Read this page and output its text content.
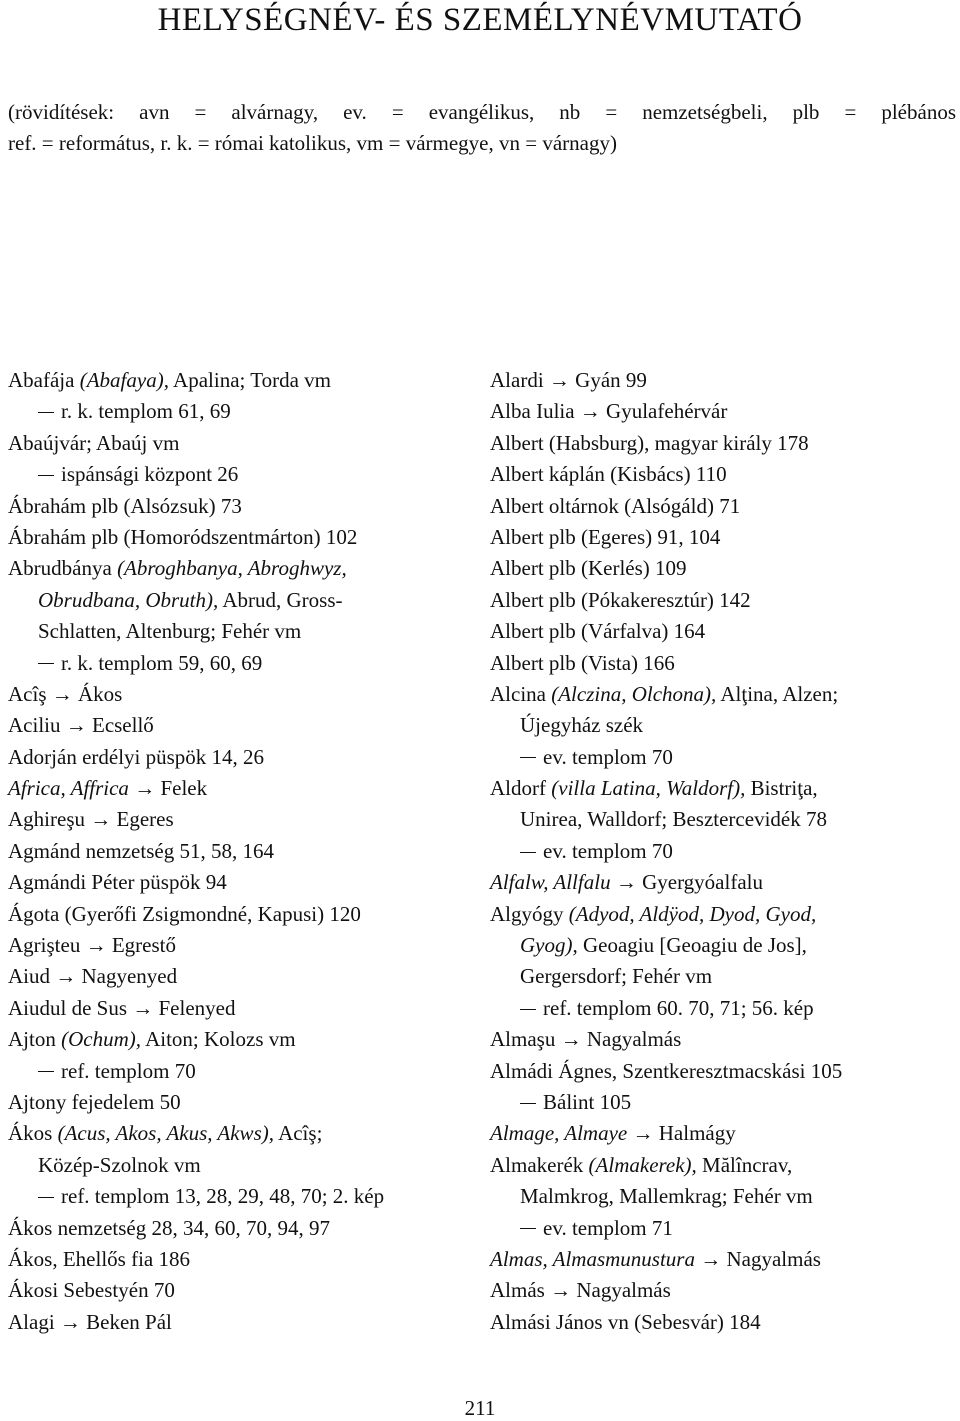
HELYSÉGNÉV- ÉS SZEMÉLYNÉVMUTATÓ
(rövidítések: avn = alvárnagy, ev. = evangélikus, nb = nemzetségbeli, plb = plébános
ref. = református, r. k. = római katolikus, vm = vármegye, vn = várnagy)
Abafája (Abafaya), Apalina; Torda vm
r. k. templom 61, 69
Abaújvár; Abaúj vm
ispánsági központ 26
Ábrahám plb (Alsózsuk) 73
Ábrahám plb (Homoródszentmárton) 102
Abrudbánya (Abroghbanya, Abroghwyz,
Obrudbana, Obruth), Abrud, Gross-
Schlatten, Altenburg; Fehér vm
r. k. templom 59, 60, 69
Acîş → Ákos
Aciliu → Ecsellő
Adorján erdélyi püspök 14, 26
Africa, Affrica → Felek
Aghireşu → Egeres
Agmánd nemzetség 51, 58, 164
Agmándi Péter püspök 94
Ágota (Gyerőfi Zsigmondné, Kapusi) 120
Agrişteu → Egrestő
Aiud → Nagyenyed
Aiudul de Sus → Felenyed
Ajton (Ochum), Aiton; Kolozs vm
ref. templom 70
Ajtony fejedelem 50
Ákos (Acus, Akos, Akus, Akws), Acîş;
Közép-Szolnok vm
ref. templom 13, 28, 29, 48, 70; 2. kép
Ákos nemzetség 28, 34, 60, 70, 94, 97
Ákos, Ehellős fia 186
Ákosi Sebestyén 70
Alagi → Beken Pál
Alardi → Gyán 99
Alba Iulia → Gyulafehérvár
Albert (Habsburg), magyar király 178
Albert káplán (Kisbács) 110
Albert oltárnok (Alsógáld) 71
Albert plb (Egeres) 91, 104
Albert plb (Kerlés) 109
Albert plb (Pókakeresztúr) 142
Albert plb (Várfalva) 164
Albert plb (Vista) 166
Alcina (Alczina, Olchona), Alţina, Alzen;
Újegyház szék
ev. templom 70
Aldorf (villa Latina, Waldorf), Bistriţa,
Unirea, Walldorf; Besztercevidék 78
ev. templom 70
Alfalw, Allfalu → Gyergyóalfalu
Algyógy (Adyod, Aldÿod, Dyod, Gyod,
Gyog), Geoagiu [Geoagiu de Jos],
Gergersdorf; Fehér vm
ref. templom 60. 70, 71; 56. kép
Almaşu → Nagyalmás
Almádi Ágnes, Szentkeresztmacskási 105
Bálint 105
Almage, Almaye → Halmágy
Almakerék (Almakerek), Mălîncrav,
Malmkrog, Mallemkrag; Fehér vm
ev. templom 71
Almas, Almasmunustura → Nagyalmás
Almás → Nagyalmás
Almási János vn (Sebesvár) 184
211
